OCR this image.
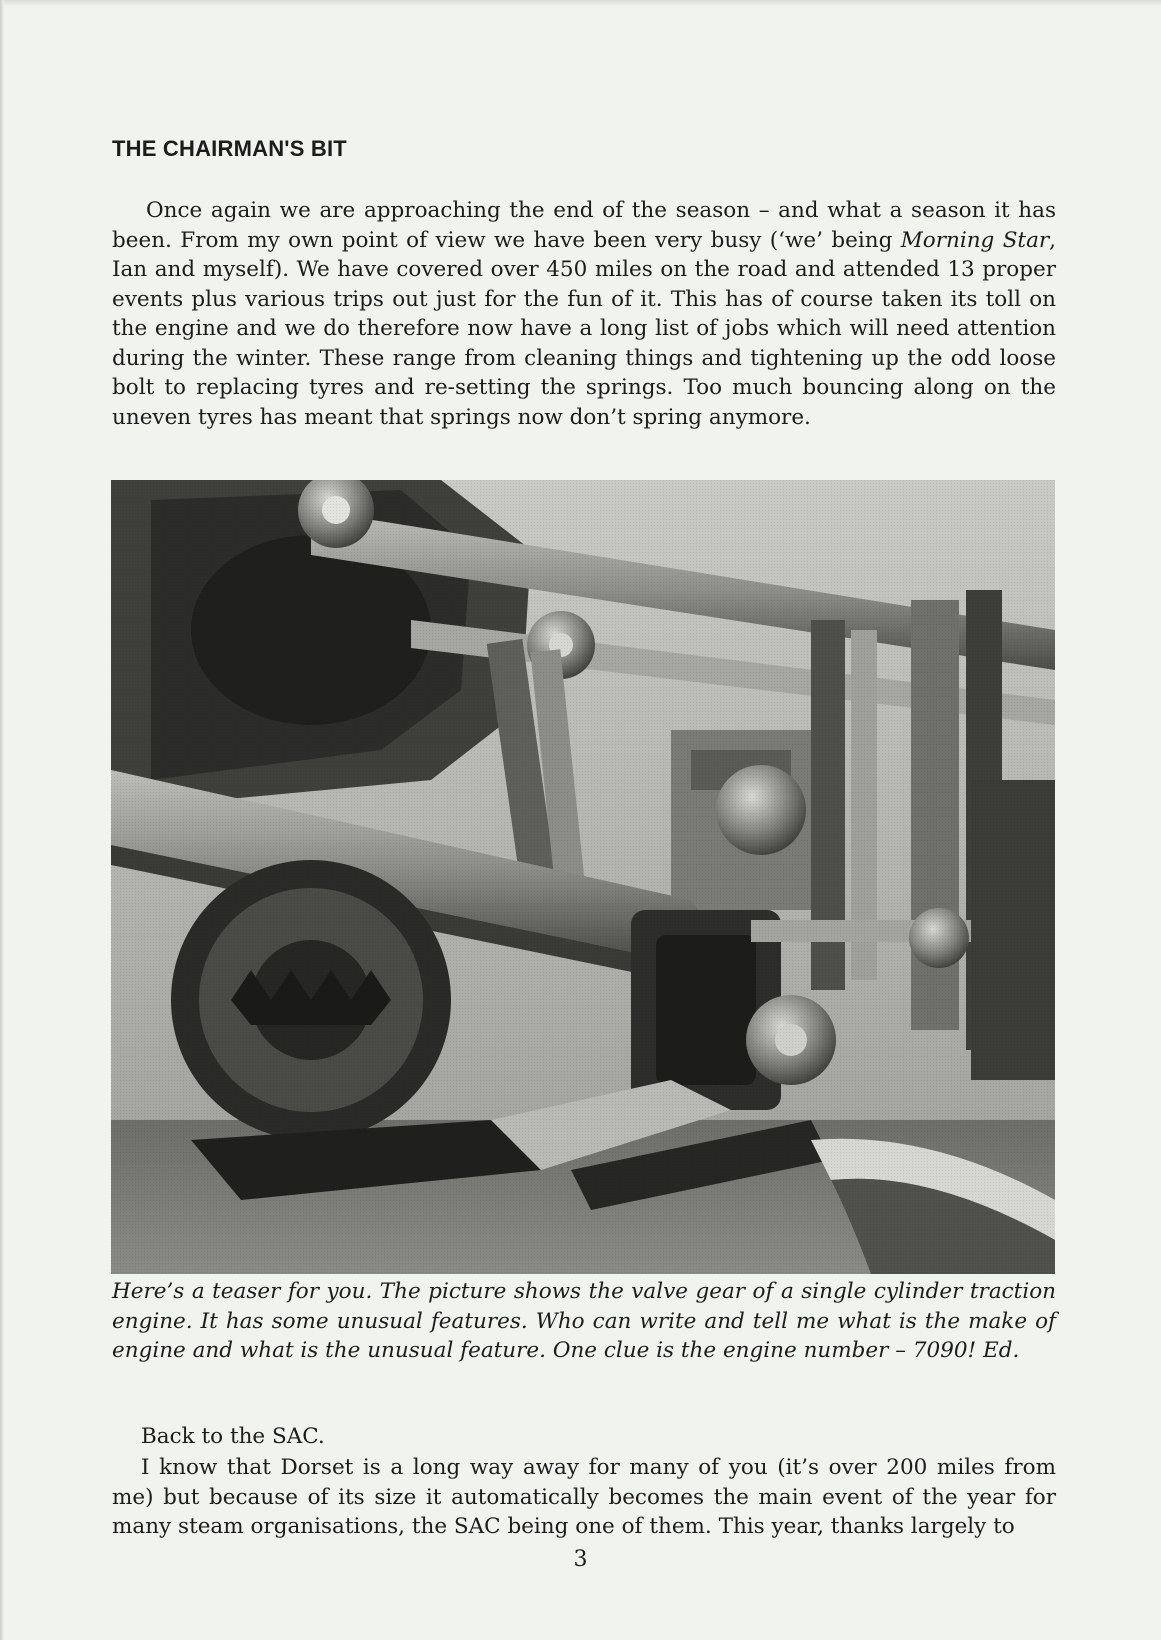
THE CHAIRMAN'S BIT

Once again we are approaching the end of the season – and what a season it has been. From my own point of view we have been very busy (‘we’ being Morning Star, Ian and myself). We have covered over 450 miles on the road and attended 13 proper events plus various trips out just for the fun of it. This has of course taken its toll on the engine and we do therefore now have a long list of jobs which will need attention during the winter. These range from cleaning things and tightening up the odd loose bolt to replacing tyres and re-setting the springs. Too much bouncing along on the uneven tyres has meant that springs now don’t spring anymore.

Here’s a teaser for you. The picture shows the valve gear of a single cylinder traction engine. It has some unusual features. Who can write and tell me what is the make of engine and what is the unusual feature. One clue is the engine number – 7090! Ed.

Back to the SAC.

I know that Dorset is a long way away for many of you (it’s over 200 miles from me) but because of its size it automatically becomes the main event of the year for many steam organisations, the SAC being one of them. This year, thanks largely to

3
